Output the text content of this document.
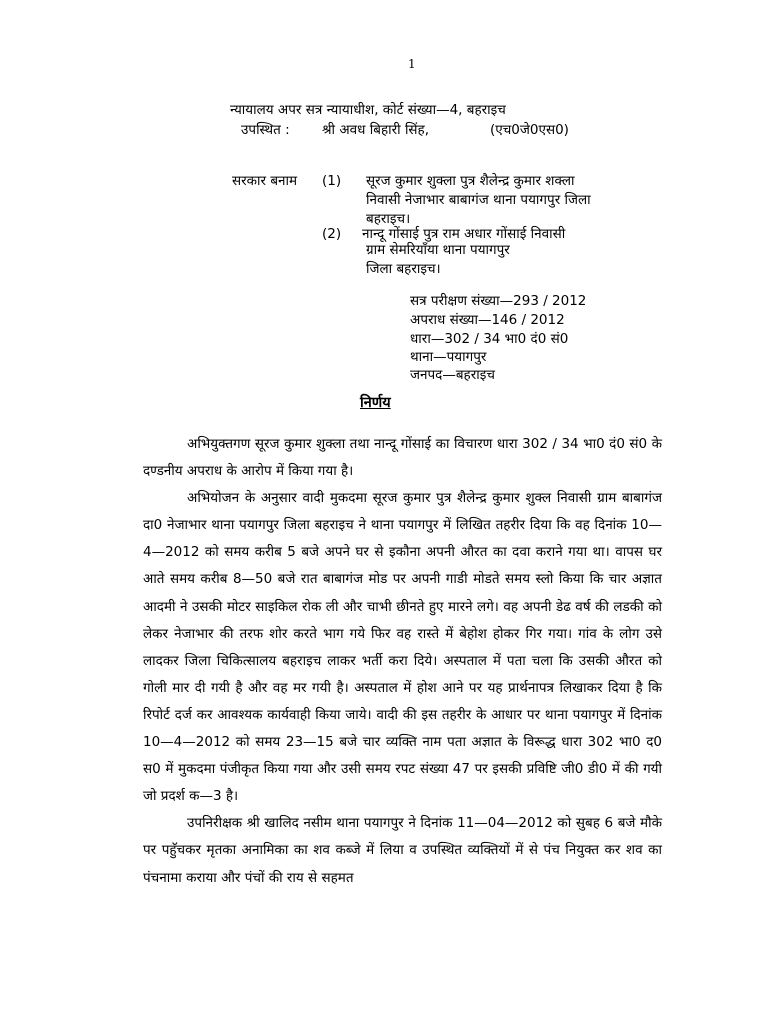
1
न्यायालय अपर सत्र न्यायाधीश, कोर्ट संख्या—4, बहराइच
उपस्थित : श्री अवध बिहारी सिंह,	(एच0जे0एस0)
सरकार बनाम (1) सूरज कुमार शुक्ला पुत्र शैलेन्द्र कुमार शक्ला
निवासी नेजाभार बाबागंज थाना पयागपुर जिला
बहराइच।
(2) नान्दू गोंसाई पुत्र राम अधार गोंसाई निवासी
ग्राम सेमरियॉंया थाना पयागपुर
जिला बहराइच।
सत्र परीक्षण संख्या—293 / 2012
अपराध संख्या—146 / 2012
धारा—302 / 34 भा0 दं0 सं0
थाना—पयागपुर
जनपद—बहराइच
निर्णय

अभियुक्तगण सूरज कुमार शुक्ला तथा नान्दू गोंसाई का विचारण धारा 302 / 34 भा0 दं0 सं0 के दण्डनीय अपराध के आरोप में किया गया है।

अभियोजन के अनुसार वादी मुकदमा सूरज कुमार पुत्र शैलेन्द्र कुमार शुक्ल निवासी ग्राम बाबागंज दा0 नेजाभार थाना पयागपुर जिला बहराइच ने थाना पयागपुर में लिखित तहरीर दिया कि वह दिनांक 10—4—2012 को समय करीब 5 बजे अपने घर से इकौना अपनी औरत का दवा कराने गया था। वापस घर आते समय करीब 8—50 बजे रात बाबागंज मोड पर अपनी गाडी मोडते समय स्लो किया कि चार अज्ञात आदमी ने उसकी मोटर साइकिल रोक ली और चाभी छीनते हुए मारने लगे। वह अपनी डेढ वर्ष की लडकी को लेकर नेजाभार की तरफ शोर करते भाग गये फिर वह रास्ते में बेहोश होकर गिर गया। गांव के लोग उसे लादकर जिला चिकित्सालय बहराइच लाकर भर्ती करा दिये। अस्पताल में पता चला कि उसकी औरत को गोली मार दी गयी है और वह मर गयी है। अस्पताल में होश आने पर यह प्रार्थनापत्र लिखाकर दिया है कि रिपोर्ट दर्ज कर आवश्यक कार्यवाही किया जाये। वादी की इस तहरीर के आधार पर थाना पयागपुर में दिनांक 10—4—2012 को समय 23—15 बजे चार व्यक्ति नाम पता अज्ञात के विरूद्ध धारा 302 भा0 द0 स0 में मुकदमा पंजीकृत किया गया और उसी समय रपट संख्या 47 पर इसकी प्रविष्टि जी0 डी0 में की गयी जो प्रदर्श क—3 है।

उपनिरीक्षक श्री खालिद नसीम थाना पयागपुर ने दिनांक 11—04—2012 को सुबह 6 बजे मौके पर पहुॅचकर मृतका अनामिका का शव कब्जे में लिया व उपस्थित व्यक्तियों में से पंच नियुक्त कर शव का पंचनामा कराया और पंचों की राय से सहमत
